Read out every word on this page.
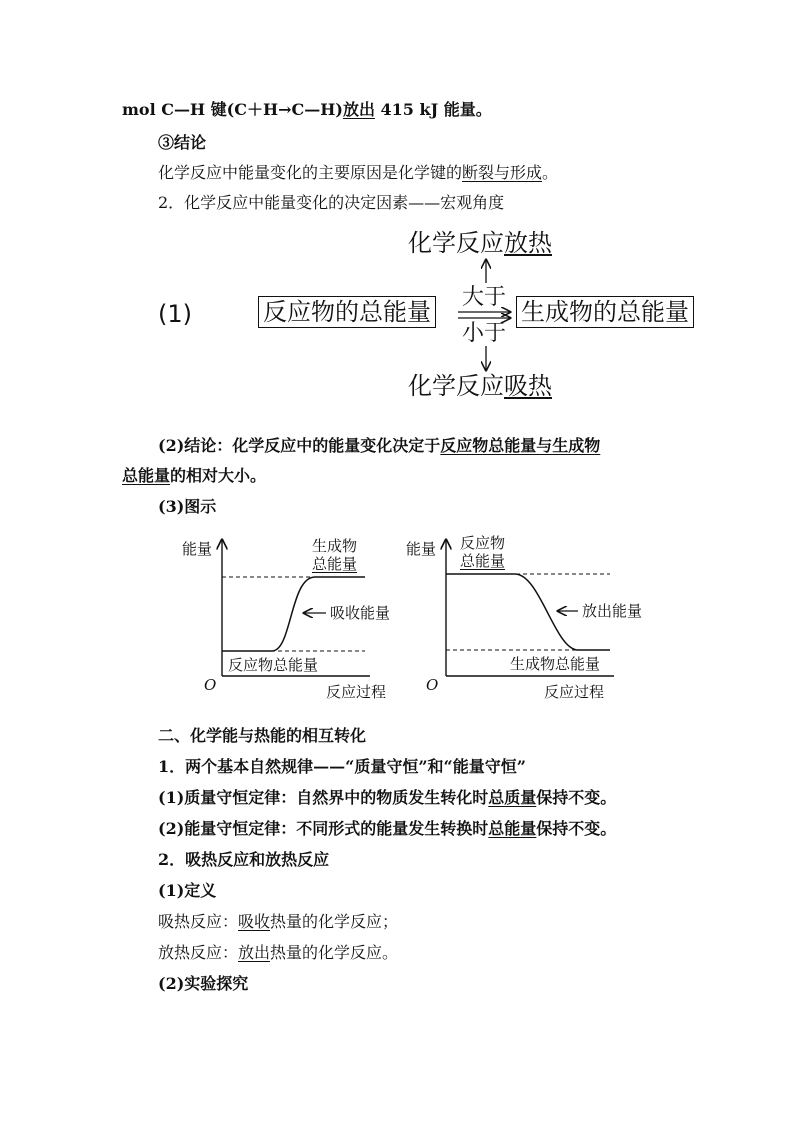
mol C—H 键(C＋H→C—H)放出 415 kJ 能量。
③结论
化学反应中能量变化的主要原因是化学键的断裂与形成。
2．化学反应中能量变化的决定因素——宏观角度
(1)
化学反应放热
反应物的总能量
大于
小于
生成物的总能量
化学反应吸热
(2)结论：化学反应中的能量变化决定于反应物总能量与生成物
总能量的相对大小。
(3)图示
能量	生成物
总能量
吸收能量
反应物总能量
O	反应过程
能量 反应物
总能量
放出能量
生成物总能量
O	反应过程
二、化学能与热能的相互转化
1．两个基本自然规律——“质量守恒”和“能量守恒”
(1)质量守恒定律：自然界中的物质发生转化时总质量保持不变。
(2)能量守恒定律：不同形式的能量发生转换时总能量保持不变。
2．吸热反应和放热反应
(1)定义
吸热反应：吸收热量的化学反应；
放热反应：放出热量的化学反应。
(2)实验探究
